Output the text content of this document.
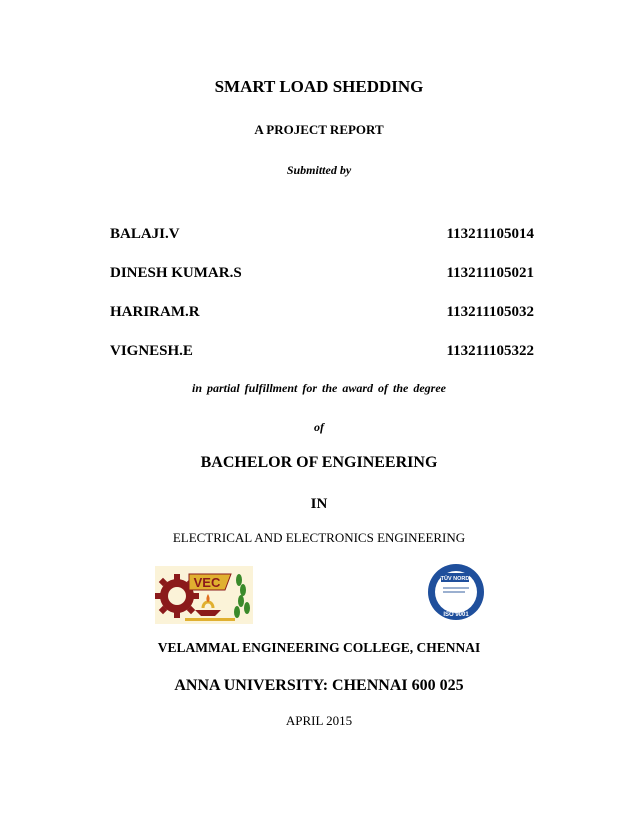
SMART LOAD SHEDDING
A PROJECT REPORT
Submitted by
BALAJI.V	113211105014
DINESH KUMAR.S	113211105021
HARIRAM.R	113211105032
VIGNESH.E	113211105322
in partial fulfillment for the award of the degree
of
BACHELOR OF ENGINEERING
IN
ELECTRICAL AND ELECTRONICS ENGINEERING
VEC	TÜV NORD
ISO 9001
VELAMMAL ENGINEERING COLLEGE, CHENNAI
ANNA UNIVERSITY: CHENNAI 600 025
APRIL 2015
